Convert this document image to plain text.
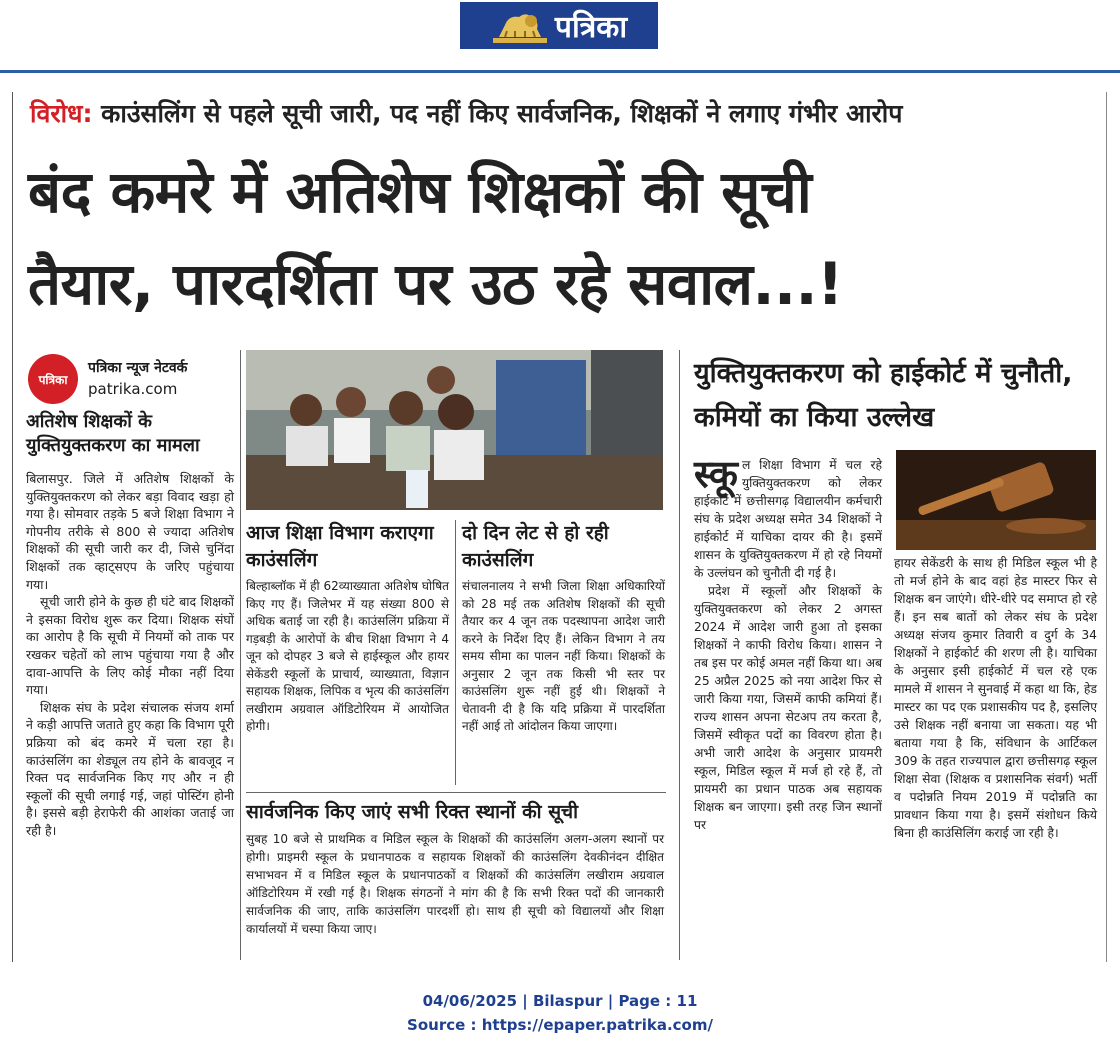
पत्रिका
विरोध: काउंसलिंग से पहले सूची जारी, पद नहीं किए सार्वजनिक, शिक्षकों ने लगाए गंभीर आरोप
बंद कमरे में अतिशेष शिक्षकों की सूची
तैयार, पारदर्शिता पर उठ रहे सवाल...!
पत्रिका
पत्रिका न्यूज नेटवर्क
patrika.com
अतिशेष शिक्षकों के युक्तियुक्तकरण का मामला

बिलासपुर. जिले में अतिशेष शिक्षकों के युक्तियुक्तकरण को लेकर बड़ा विवाद खड़ा हो गया है। सोमवार तड़के 5 बजे शिक्षा विभाग ने गोपनीय तरीके से 800 से ज्यादा अतिशेष शिक्षकों की सूची जारी कर दी, जिसे चुनिंदा शिक्षकों तक व्हाट्सएप के जरिए पहुंचाया गया।

सूची जारी होने के कुछ ही घंटे बाद शिक्षकों ने इसका विरोध शुरू कर दिया। शिक्षक संघों का आरोप है कि सूची में नियमों को ताक पर रखकर चहेतों को लाभ पहुंचाया गया है और दावा-आपत्ति के लिए कोई मौका नहीं दिया गया।

शिक्षक संघ के प्रदेश संचालक संजय शर्मा ने कड़ी आपत्ति जताते हुए कहा कि विभाग पूरी प्रक्रिया को बंद कमरे में चला रहा है। काउंसलिंग का शेड्यूल तय होने के बावजूद न रिक्त पद सार्वजनिक किए गए और न ही स्कूलों की सूची लगाई गई, जहां पोस्टिंग होनी है। इससे बड़ी हेराफेरी की आशंका जताई जा रही है।

आज शिक्षा विभाग कराएगा काउंसलिंग
दो दिन लेट से हो रही काउंसलिंग
बिल्हाब्लॉक में ही 62व्याख्याता अतिशेष घोषित किए गए हैं। जिलेभर में यह संख्या 800 से अधिक बताई जा रही है। काउंसलिंग प्रक्रिया में गड़बड़ी के आरोपों के बीच शिक्षा विभाग ने 4 जून को दोपहर 3 बजे से हाईस्कूल और हायर सेकेंडरी स्कूलों के प्राचार्य, व्याख्याता, विज्ञान सहायक शिक्षक, लिपिक व भृत्य की काउंसलिंग लखीराम अग्रवाल ऑडिटोरियम में आयोजित होगी।
संचालनालय ने सभी जिला शिक्षा अधिकारियों को 28 मई तक अतिशेष शिक्षकों की सूची तैयार कर 4 जून तक पदस्थापना आदेश जारी करने के निर्देश दिए हैं। लेकिन विभाग ने तय समय सीमा का पालन नहीं किया। शिक्षकों के अनुसार 2 जून तक किसी भी स्तर पर काउंसलिंग शुरू नहीं हुई थी। शिक्षकों ने चेतावनी दी है कि यदि प्रक्रिया में पारदर्शिता नहीं आई तो आंदोलन किया जाएगा।
सार्वजनिक किए जाएं सभी रिक्त स्थानों की सूची
सुबह 10 बजे से प्राथमिक व मिडिल स्कूल के शिक्षकों की काउंसलिंग अलग-अलग स्थानों पर होगी। प्राइमरी स्कूल के प्रधानपाठक व सहायक शिक्षकों की काउंसलिंग देवकीनंदन दीक्षित सभाभवन में व मिडिल स्कूल के प्रधानपाठकों व शिक्षकों की काउंसलिंग लखीराम अग्रवाल ऑडिटोरियम में रखी गई है। शिक्षक संगठनों ने मांग की है कि सभी रिक्त पदों की जानकारी सार्वजनिक की जाए, ताकि काउंसलिंग पारदर्शी हो। साथ ही सूची को विद्यालयों और शिक्षा कार्यालयों में चस्पा किया जाए।
युक्तियुक्तकरण को हाईकोर्ट में चुनौती, कमियों का किया उल्लेख

स्कू ल शिक्षा विभाग में चल रहे युक्तियुक्तकरण को लेकर हाईकोर्ट में छत्तीसगढ़ विद्यालयीन कर्मचारी संघ के प्रदेश अध्यक्ष समेत 34 शिक्षकों ने हाईकोर्ट में याचिका दायर की है। इसमें शासन के युक्तियुक्तकरण में हो रहे नियमों के उल्लंघन को चुनौती दी गई है।

प्रदेश में स्कूलों और शिक्षकों के युक्तियुक्तकरण को लेकर 2 अगस्त 2024 में आदेश जारी हुआ तो इसका शिक्षकों ने काफी विरोध किया। शासन ने तब इस पर कोई अमल नहीं किया था। अब 25 अप्रैल 2025 को नया आदेश फिर से जारी किया गया, जिसमें काफी कमियां हैं। राज्य शासन अपना सेटअप तय करता है, जिसमें स्वीकृत पदों का विवरण होता है। अभी जारी आदेश के अनुसार प्रायमरी स्कूल, मिडिल स्कूल में मर्ज हो रहे हैं, तो प्रायमरी का प्रधान पाठक अब सहायक शिक्षक बन जाएगा। इसी तरह जिन स्थानों पर

हायर सेकेंडरी के साथ ही मिडिल स्कूल भी है तो मर्ज होने के बाद वहां हेड मास्टर फिर से शिक्षक बन जाएंगे। धीरे-धीरे पद समाप्त हो रहे हैं। इन सब बातों को लेकर संघ के प्रदेश अध्यक्ष संजय कुमार तिवारी व दुर्ग के 34 शिक्षकों ने हाईकोर्ट की शरण ली है। याचिका के अनुसार इसी हाईकोर्ट में चल रहे एक मामले में शासन ने सुनवाई में कहा था कि, हेड मास्टर का पद एक प्रशासकीय पद है, इसलिए उसे शिक्षक नहीं बनाया जा सकता। यह भी बताया गया है कि, संविधान के आर्टिकल 309 के तहत राज्यपाल द्वारा छत्तीसगढ़ स्कूल शिक्षा सेवा (शिक्षक व प्रशासनिक संवर्ग) भर्ती व पदोन्नति नियम 2019 में पदोन्नति का प्रावधान किया गया है। इसमें संशोधन किये बिना ही काउंसिलिंग कराई जा रही है।

04/06/2025 | Bilaspur | Page : 11
Source : https://epaper.patrika.com/
